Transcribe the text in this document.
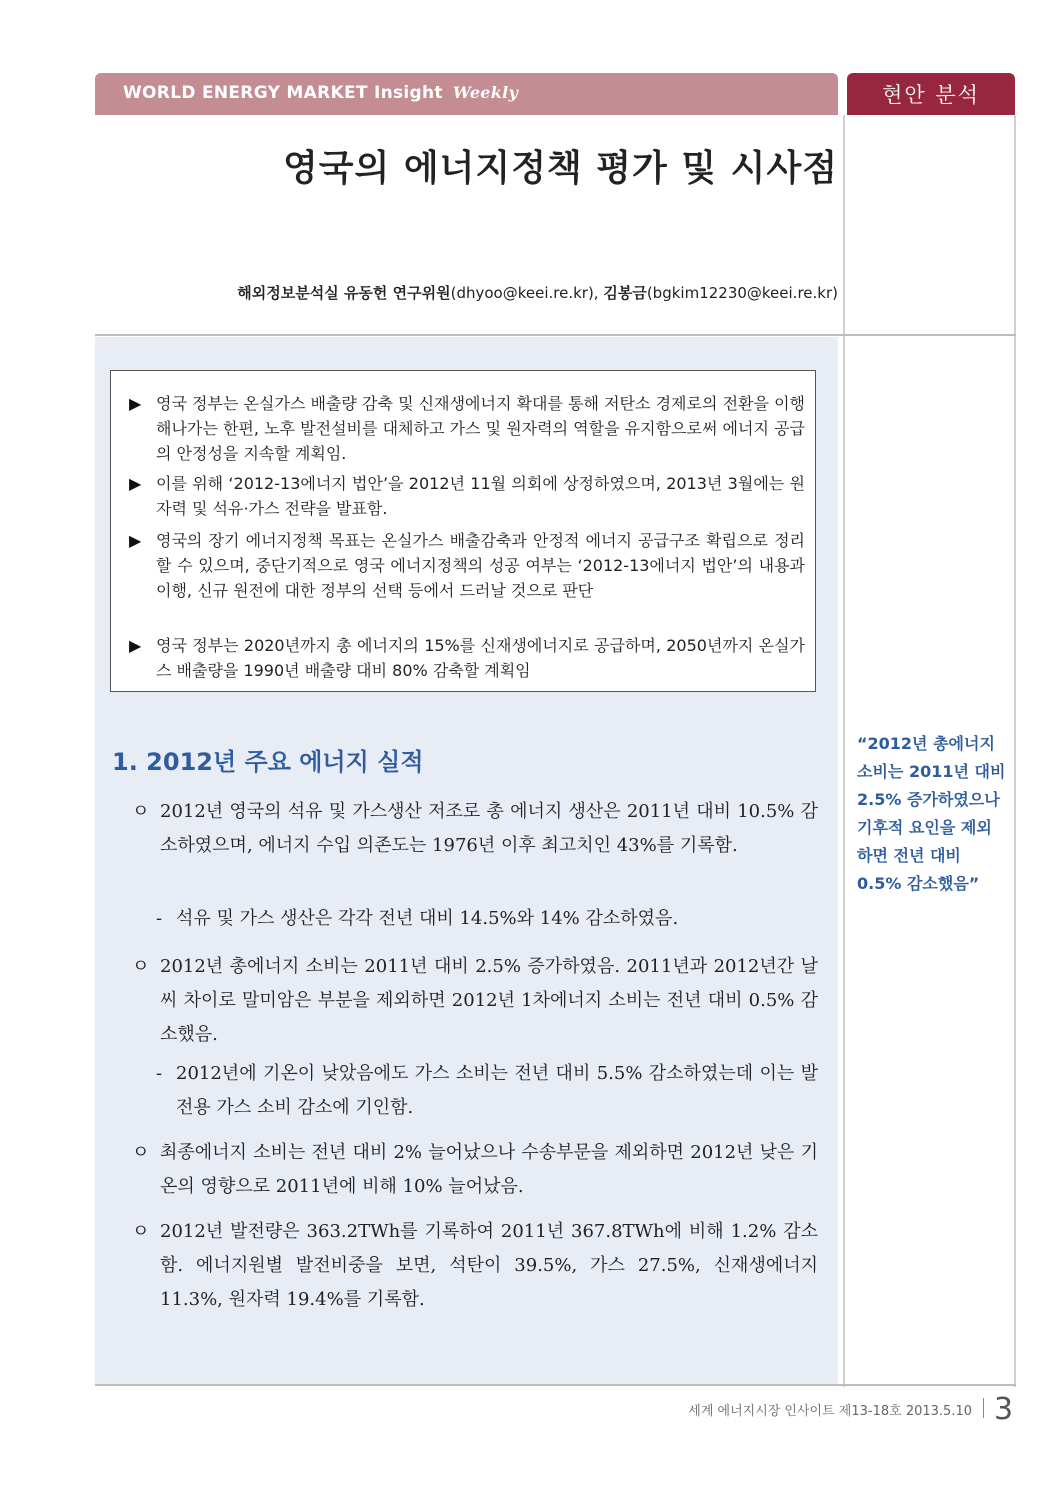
WORLD ENERGY MARKET Insight Weekly	현안 분석
영국의 에너지정책 평가 및 시사점
해외정보분석실 유동헌 연구위원(dhyoo@keei.re.kr), 김봉금(bgkim12230@keei.re.kr)
▶ 영국 정부는 온실가스 배출량 감축 및 신재생에너지 확대를 통해 저탄소 경제로의 전환을 이행해나가는 한편, 노후 발전설비를 대체하고 가스 및 원자력의 역할을 유지함으로써 에너지 공급의 안정성을 지속할 계획임.
▶ 이를 위해 ‘2012-13에너지 법안’을 2012년 11월 의회에 상정하였으며, 2013년 3월에는 원자력 및 석유·가스 전략을 발표함.
▶ 영국의 장기 에너지정책 목표는 온실가스 배출감축과 안정적 에너지 공급구조 확립으로 정리할 수 있으며, 중단기적으로 영국 에너지정책의 성공 여부는 ‘2012-13에너지 법안’의 내용과 이행, 신규 원전에 대한 정부의 선택 등에서 드러날 것으로 판단
▶ 영국 정부는 2020년까지 총 에너지의 15%를 신재생에너지로 공급하며, 2050년까지 온실가스 배출량을 1990년 배출량 대비 80% 감축할 계획임
1. 2012년 주요 에너지 실적
ㅇ 2012년 영국의 석유 및 가스생산 저조로 총 에너지 생산은 2011년 대비 10.5% 감소하였으며, 에너지 수입 의존도는 1976년 이후 최고치인 43%를 기록함.
- 석유 및 가스 생산은 각각 전년 대비 14.5%와 14% 감소하였음.
ㅇ 2012년 총에너지 소비는 2011년 대비 2.5% 증가하였음. 2011년과 2012년간 날씨 차이로 말미암은 부분을 제외하면 2012년 1차에너지 소비는 전년 대비 0.5% 감소했음.
- 2012년에 기온이 낮았음에도 가스 소비는 전년 대비 5.5% 감소하였는데 이는 발전용 가스 소비 감소에 기인함.
ㅇ 최종에너지 소비는 전년 대비 2% 늘어났으나 수송부문을 제외하면 2012년 낮은 기온의 영향으로 2011년에 비해 10% 늘어났음.
ㅇ 2012년 발전량은 363.2TWh를 기록하여 2011년 367.8TWh에 비해 1.2% 감소함. 에너지원별 발전비중을 보면, 석탄이 39.5%, 가스 27.5%, 신재생에너지 11.3%, 원자력 19.4%를 기록함.
“2012년 총에너지 소비는 2011년 대비 2.5% 증가하였으나 기후적 요인을 제외하면 전년 대비 0.5% 감소했음”
세계 에너지시장 인사이트 제13-18호 2013.5.10 3
